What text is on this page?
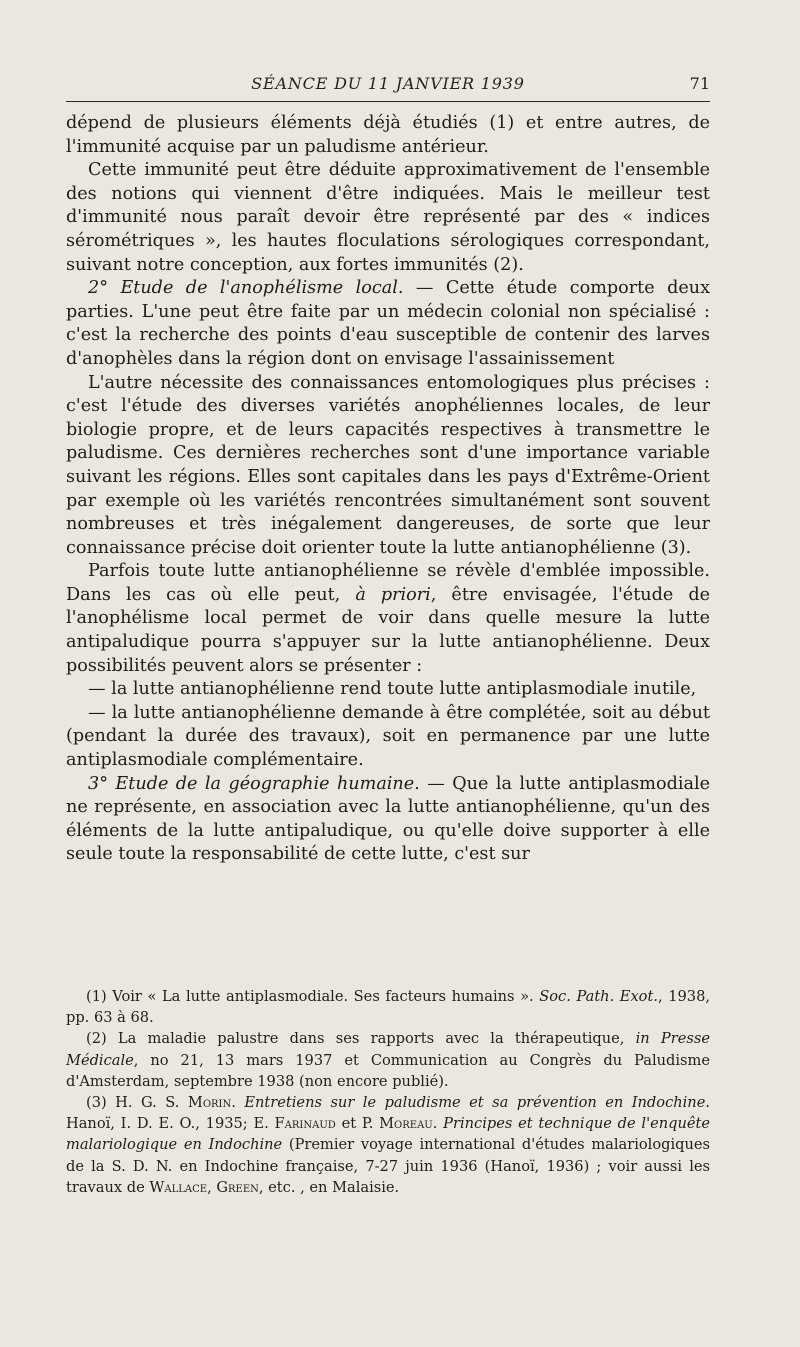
SÉANCE DU 11 JANVIER 1939	71

dépend de plusieurs éléments déjà étudiés (1) et entre autres, de l'immunité acquise par un paludisme antérieur.

Cette immunité peut être déduite approximativement de l'ensemble des notions qui viennent d'être indiquées. Mais le meilleur test d'immunité nous paraît devoir être représenté par des « indices sérométriques », les hautes floculations sérologiques correspondant, suivant notre conception, aux fortes immunités (2).

2° Etude de l'anophélisme local. — Cette étude comporte deux parties. L'une peut être faite par un médecin colonial non spécialisé : c'est la recherche des points d'eau susceptible de contenir des larves d'anophèles dans la région dont on envisage l'assainissement

L'autre nécessite des connaissances entomologiques plus précises : c'est l'étude des diverses variétés anophéliennes locales, de leur biologie propre, et de leurs capacités respectives à transmettre le paludisme. Ces dernières recherches sont d'une importance variable suivant les régions. Elles sont capitales dans les pays d'Extrême-Orient par exemple où les variétés rencontrées simultanément sont souvent nombreuses et très inégalement dangereuses, de sorte que leur connaissance précise doit orienter toute la lutte antianophélienne (3).

Parfois toute lutte antianophélienne se révèle d'emblée impossible. Dans les cas où elle peut, à priori, être envisagée, l'étude de l'anophélisme local permet de voir dans quelle mesure la lutte antipaludique pourra s'appuyer sur la lutte antianophélienne. Deux possibilités peuvent alors se présenter :

— la lutte antianophélienne rend toute lutte antiplasmodiale inutile,

— la lutte antianophélienne demande à être complétée, soit au début (pendant la durée des travaux), soit en permanence par une lutte antiplasmodiale complémentaire.

3° Etude de la géographie humaine. — Que la lutte antiplasmodiale ne représente, en association avec la lutte antianophélienne, qu'un des éléments de la lutte antipaludique, ou qu'elle doive supporter à elle seule toute la responsabilité de cette lutte, c'est sur

(1) Voir « La lutte antiplasmodiale. Ses facteurs humains ». Soc. Path. Exot., 1938, pp. 63 à 68.

(2) La maladie palustre dans ses rapports avec la thérapeutique, in Presse Médicale, no 21, 13 mars 1937 et Communication au Congrès du Paludisme d'Amsterdam, septembre 1938 (non encore publié).

(3) H. G. S. Morin. Entretiens sur le paludisme et sa prévention en Indochine. Hanoï, I. D. E. O., 1935; E. Farinaud et P. Moreau. Principes et technique de l'enquête malariologique en Indochine (Premier voyage international d'études malariologiques de la S. D. N. en Indochine française, 7-27 juin 1936 (Hanoï, 1936) ; voir aussi les travaux de Wallace, Green, etc. , en Malaisie.
